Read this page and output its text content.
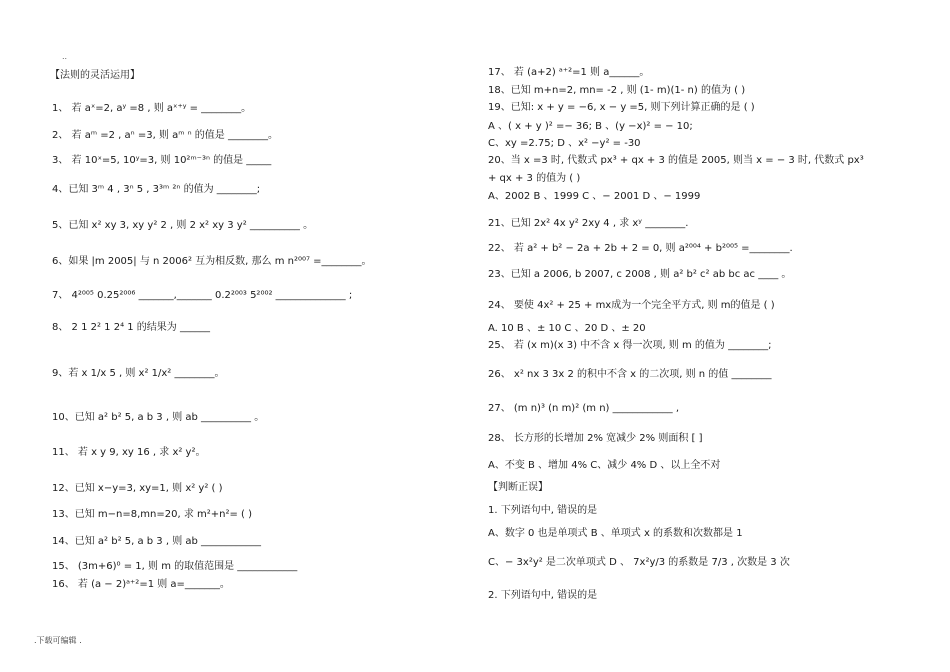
..
【法则的灵活运用】
1、 若 aˣ=2, aʸ =8 , 则 aˣ⁺ʸ = ________。
2、 若 aᵐ =2 , aⁿ =3, 则 aᵐ ⁿ 的值是 ________。
3、 若 10ˣ=5, 10ʸ=3, 则 10²ᵐ⁻³ⁿ 的值是 _____
4、已知 3ᵐ 4 , 3ⁿ 5 , 3³ᵐ ²ⁿ 的值为 ________;
5、已知 x² xy 3, xy y² 2 , 则 2 x² xy 3 y² __________ 。
6、如果 |m 2005| 与 n 2006² 互为相反数, 那么 m n²⁰⁰⁷ =________。
7、 4²⁰⁰⁵ 0.25²⁰⁰⁶ _______,_______ 0.2²⁰⁰³ 5²⁰⁰² ______________ ;
8、 2 1 2² 1 2⁴ 1 的结果为 ______
9、若 x 1/x 5 , 则 x² 1/x² ________。
10、已知 a² b² 5, a b 3 , 则 ab __________ 。
11、 若 x y 9, xy 16 , 求 x² y²。
12、已知 x−y=3, xy=1, 则 x² y² ( )
13、已知 m−n=8,mn=20, 求 m²+n²= ( )
14、已知 a² b² 5, a b 3 , 则 ab ____________
15、 (3m+6)⁰ = 1, 则 m 的取值范围是 ____________
16、 若 (a − 2)ᵃ⁺²=1 则 a=_______。
17、 若 (a+2) ᵃ⁺²=1 则 a______。
18、已知 m+n=2, mn= -2 , 则 (1- m)(1- n) 的值为 ( )
19、已知: x + y = −6, x − y =5, 则下列计算正确的是 ( )
A 、( x + y )² =− 36; B 、(y −x)² = − 10;
C、xy =2.75; D 、x² −y² = -30
20、当 x =3 时, 代数式 px³ + qx + 3 的值是 2005, 则当 x = − 3 时, 代数式 px³
+ qx + 3 的值为 ( )
A、2002 B 、1999 C 、− 2001 D 、− 1999
21、已知 2x² 4x y² 2xy 4 , 求 xʸ ________.
22、 若 a² + b² − 2a + 2b + 2 = 0, 则 a²⁰⁰⁴ + b²⁰⁰⁵ =________.
23、已知 a 2006, b 2007, c 2008 , 则 a² b² c² ab bc ac ____ 。
24、 要使 4x² + 25 + mx成为一个完全平方式, 则 m的值是 ( )
A. 10 B 、± 10 C 、20 D 、± 20
25、 若 (x m)(x 3) 中不含 x 得一次项, 则 m 的值为 ________;
26、 x² nx 3 3x 2 的积中不含 x 的二次项, 则 n 的值 ________
27、 (m n)³ (n m)² (m n) ____________ ,
28、 长方形的长增加 2% 宽减少 2% 则面积 [ ]
A、不变 B 、增加 4% C、减少 4% D 、以上全不对
【判断正误】
1. 下列语句中, 错误的是
A、数字 0 也是单项式 B 、单项式 x 的系数和次数都是 1
C、− 3x²y² 是二次单项式 D 、 7x²y/3 的系数是 7/3 , 次数是 3 次
2. 下列语句中, 错误的是
.下载可编辑 .
